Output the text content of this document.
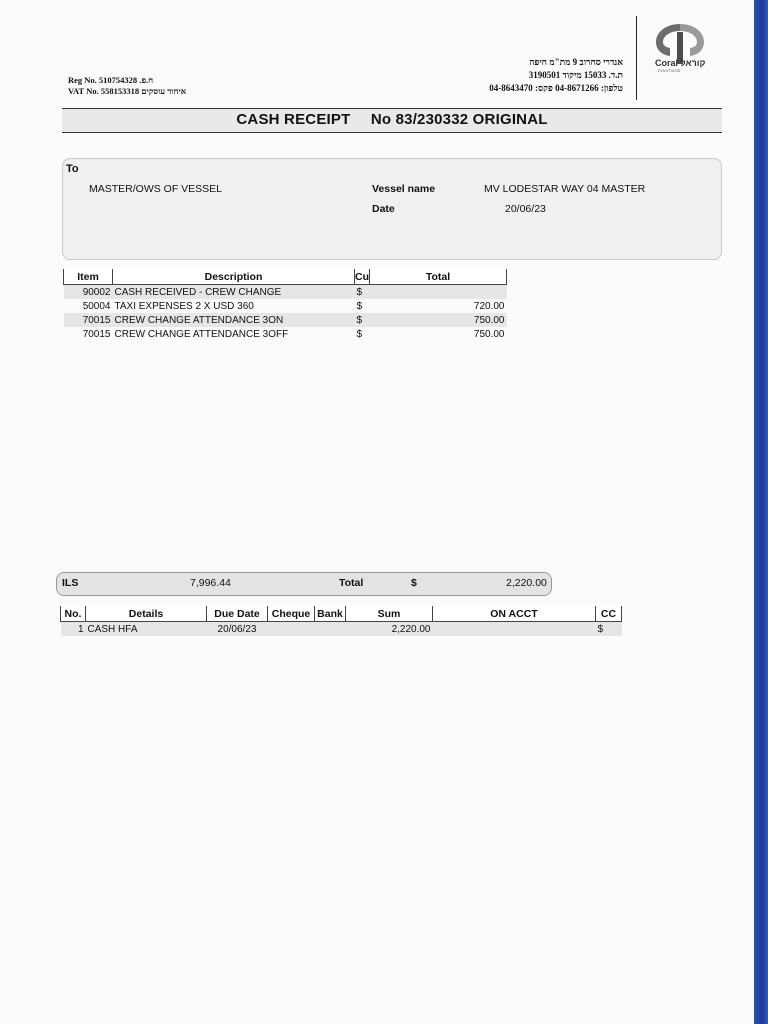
Reg No. 510754328 .ח.פ
VAT No. 558153318 איחוד עוסקים
אנדרי סחרוב 9 מת"מ חיפה
ת.ד. 15033 מיקוד 3190501
טלפון: 04-8671266 פקס: 04-8643470
Coral קוראל
סוכנות אוניות
CASH RECEIPT No 83/230332 ORIGINAL
To
MASTER/OWS OF VESSEL	Vessel name	MV LODESTAR WAY 04 MASTER
Date	20/06/23
Item	Description	Cu	Total
90002	CASH RECEIVED - CREW CHANGE	$	
50004	TAXI EXPENSES 2 X USD 360	$	720.00
70015	CREW CHANGE ATTENDANCE 3ON	$	750.00
70015	CREW CHANGE ATTENDANCE 3OFF	$	750.00
ILS	7,996.44	Total	$	2,220.00
No.	Details	Due Date	Cheque	Bank	Sum	ON ACCT	CC
1	CASH HFA	20/06/23			2,220.00		$
